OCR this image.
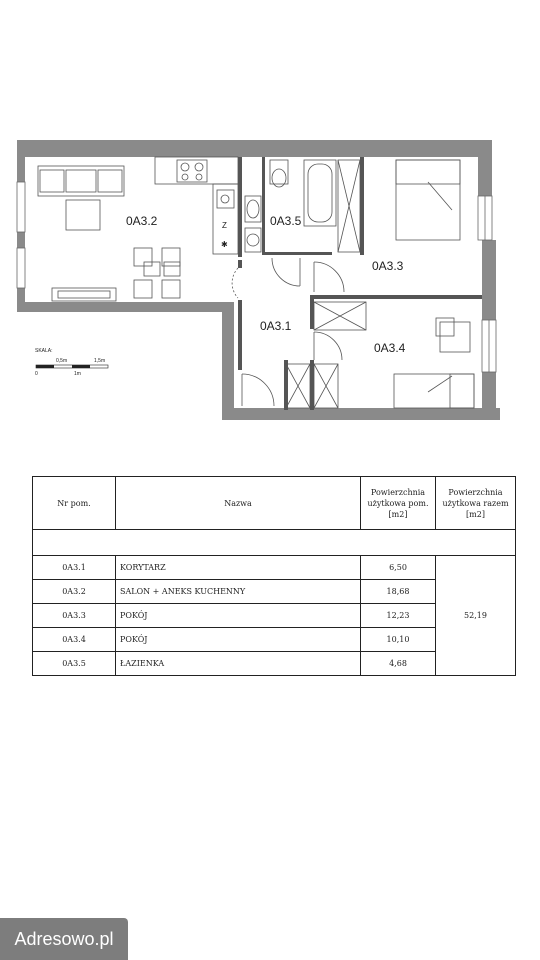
Z
✱
0A3.2	0A3.5
0A3.3
0A3.1
0A3.4
SKALA:
0,5m	1,5m
0	1m
Nr pom.	Nazwa	Powierzchnia
użytkowa pom.
[m2]	Powierzchnia
użytkowa razem
[m2]

0A3.1	KORYTARZ	6,50	52,19
0A3.2	SALON + ANEKS KUCHENNY	18,68	
0A3.3	POKÓJ	12,23	
0A3.4	POKÓJ	10,10	
0A3.5	ŁAZIENKA	4,68	
Adresowo.pl
